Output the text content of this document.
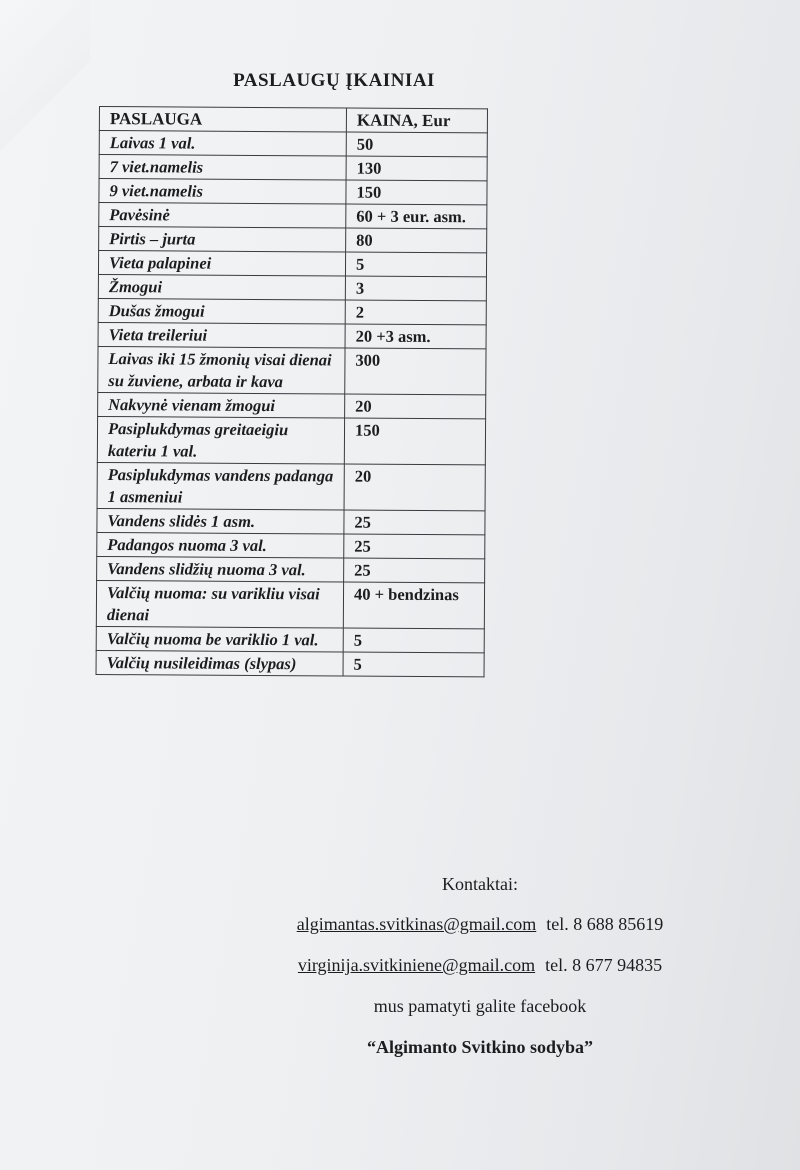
PASLAUGŲ ĮKAINIAI
PASLAUGA	KAINA, Eur
Laivas 1 val.	50
7 viet.namelis	130
9 viet.namelis	150
Pavėsinė	60 + 3 eur. asm.
Pirtis – jurta	80
Vieta palapinei	5
Žmogui	3
Dušas žmogui	2
Vieta treileriui	20 +3 asm.
Laivas iki 15 žmonių visai dienai su žuviene, arbata ir kava	300
Nakvynė vienam žmogui	20
Pasiplukdymas greitaeigiu kateriu 1 val.	150
Pasiplukdymas vandens padanga 1 asmeniui	20
Vandens slidės 1 asm.	25
Padangos nuoma 3 val.	25
Vandens slidžių nuoma 3 val.	25
Valčių nuoma: su varikliu visai dienai	40 + bendzinas
Valčių nuoma be variklio 1 val.	5
Valčių nusileidimas (slypas)	5
Kontaktai:
algimantas.svitkinas@gmail.com tel. 8 688 85619
virginija.svitkiniene@gmail.com tel. 8 677 94835
mus pamatyti galite facebook
“Algimanto Svitkino sodyba”
